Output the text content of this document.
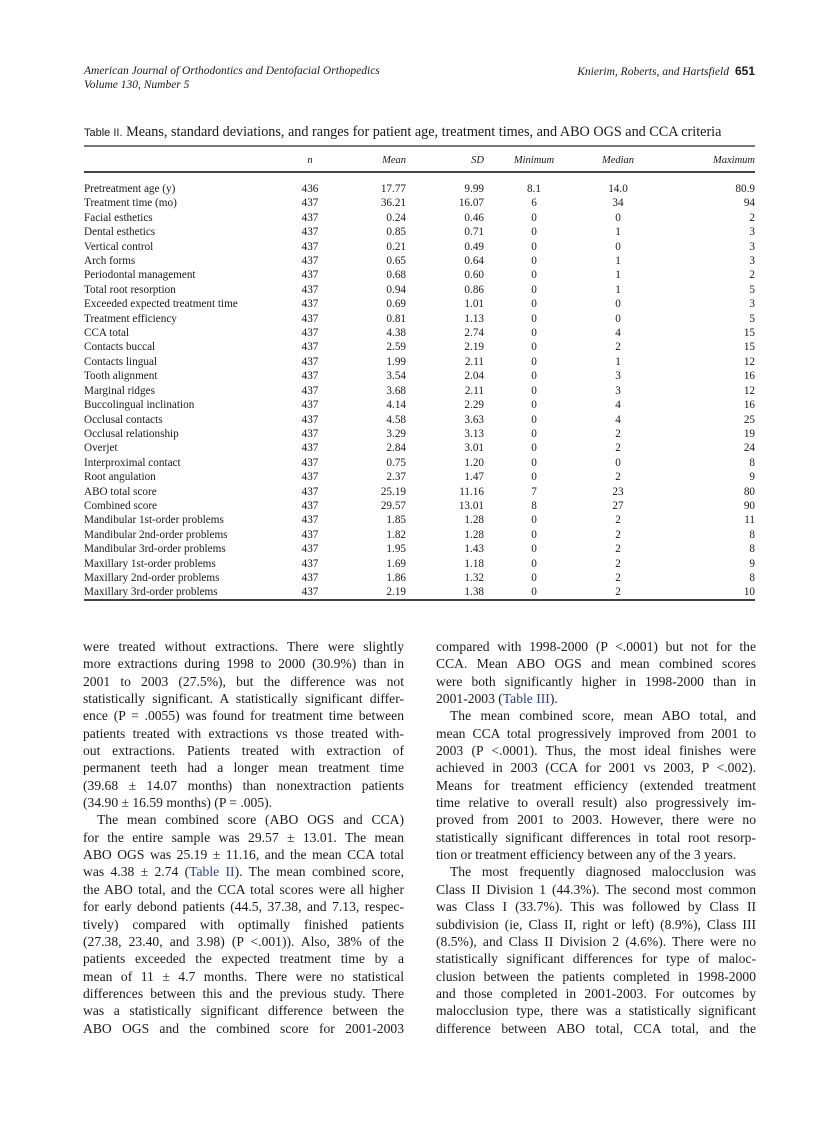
American Journal of Orthodontics and Dentofacial Orthopedics
Volume 130, Number 5
Knierim, Roberts, and Hartsfield 651
Table II. Means, standard deviations, and ranges for patient age, treatment times, and ABO OGS and CCA criteria
	n	Mean	SD	Minimum	Median	Maximum

Pretreatment age (y)	436	17.77	9.99	8.1	14.0	80.9
Treatment time (mo)	437	36.21	16.07	6	34	94
Facial esthetics	437	0.24	0.46	0	0	2
Dental esthetics	437	0.85	0.71	0	1	3
Vertical control	437	0.21	0.49	0	0	3
Arch forms	437	0.65	0.64	0	1	3
Periodontal management	437	0.68	0.60	0	1	2
Total root resorption	437	0.94	0.86	0	1	5
Exceeded expected treatment time	437	0.69	1.01	0	0	3
Treatment efficiency	437	0.81	1.13	0	0	5
CCA total	437	4.38	2.74	0	4	15
Contacts buccal	437	2.59	2.19	0	2	15
Contacts lingual	437	1.99	2.11	0	1	12
Tooth alignment	437	3.54	2.04	0	3	16
Marginal ridges	437	3.68	2.11	0	3	12
Buccolingual inclination	437	4.14	2.29	0	4	16
Occlusal contacts	437	4.58	3.63	0	4	25
Occlusal relationship	437	3.29	3.13	0	2	19
Overjet	437	2.84	3.01	0	2	24
Interproximal contact	437	0.75	1.20	0	0	8
Root angulation	437	2.37	1.47	0	2	9
ABO total score	437	25.19	11.16	7	23	80
Combined score	437	29.57	13.01	8	27	90
Mandibular 1st-order problems	437	1.85	1.28	0	2	11
Mandibular 2nd-order problems	437	1.82	1.28	0	2	8
Mandibular 3rd-order problems	437	1.95	1.43	0	2	8
Maxillary 1st-order problems	437	1.69	1.18	0	2	9
Maxillary 2nd-order problems	437	1.86	1.32	0	2	8
Maxillary 3rd-order problems	437	2.19	1.38	0	2	10
were treated without extractions. There were slightly
more extractions during 1998 to 2000 (30.9%) than in
2001 to 2003 (27.5%), but the difference was not
statistically significant. A statistically significant differ-
ence (P = .0055) was found for treatment time between
patients treated with extractions vs those treated with-
out extractions. Patients treated with extraction of
permanent teeth had a longer mean treatment time
(39.68 ± 14.07 months) than nonextraction patients
(34.90 ± 16.59 months) (P = .005).
The mean combined score (ABO OGS and CCA)
for the entire sample was 29.57 ± 13.01. The mean
ABO OGS was 25.19 ± 11.16, and the mean CCA total
was 4.38 ± 2.74 (Table II). The mean combined score,
the ABO total, and the CCA total scores were all higher
for early debond patients (44.5, 37.38, and 7.13, respec-
tively) compared with optimally finished patients
(27.38, 23.40, and 3.98) (P <.001)). Also, 38% of the
patients exceeded the expected treatment time by a
mean of 11 ± 4.7 months. There were no statistical
differences between this and the previous study. There
was a statistically significant difference between the
ABO OGS and the combined score for 2001-2003
compared with 1998-2000 (P <.0001) but not for the
CCA. Mean ABO OGS and mean combined scores
were both significantly higher in 1998-2000 than in
2001-2003 (Table III).
The mean combined score, mean ABO total, and
mean CCA total progressively improved from 2001 to
2003 (P <.0001). Thus, the most ideal finishes were
achieved in 2003 (CCA for 2001 vs 2003, P <.002).
Means for treatment efficiency (extended treatment
time relative to overall result) also progressively im-
proved from 2001 to 2003. However, there were no
statistically significant differences in total root resorp-
tion or treatment efficiency between any of the 3 years.
The most frequently diagnosed malocclusion was
Class II Division 1 (44.3%). The second most common
was Class I (33.7%). This was followed by Class II
subdivision (ie, Class II, right or left) (8.9%), Class III
(8.5%), and Class II Division 2 (4.6%). There were no
statistically significant differences for type of maloc-
clusion between the patients completed in 1998-2000
and those completed in 2001-2003. For outcomes by
malocclusion type, there was a statistically significant
difference between ABO total, CCA total, and the
